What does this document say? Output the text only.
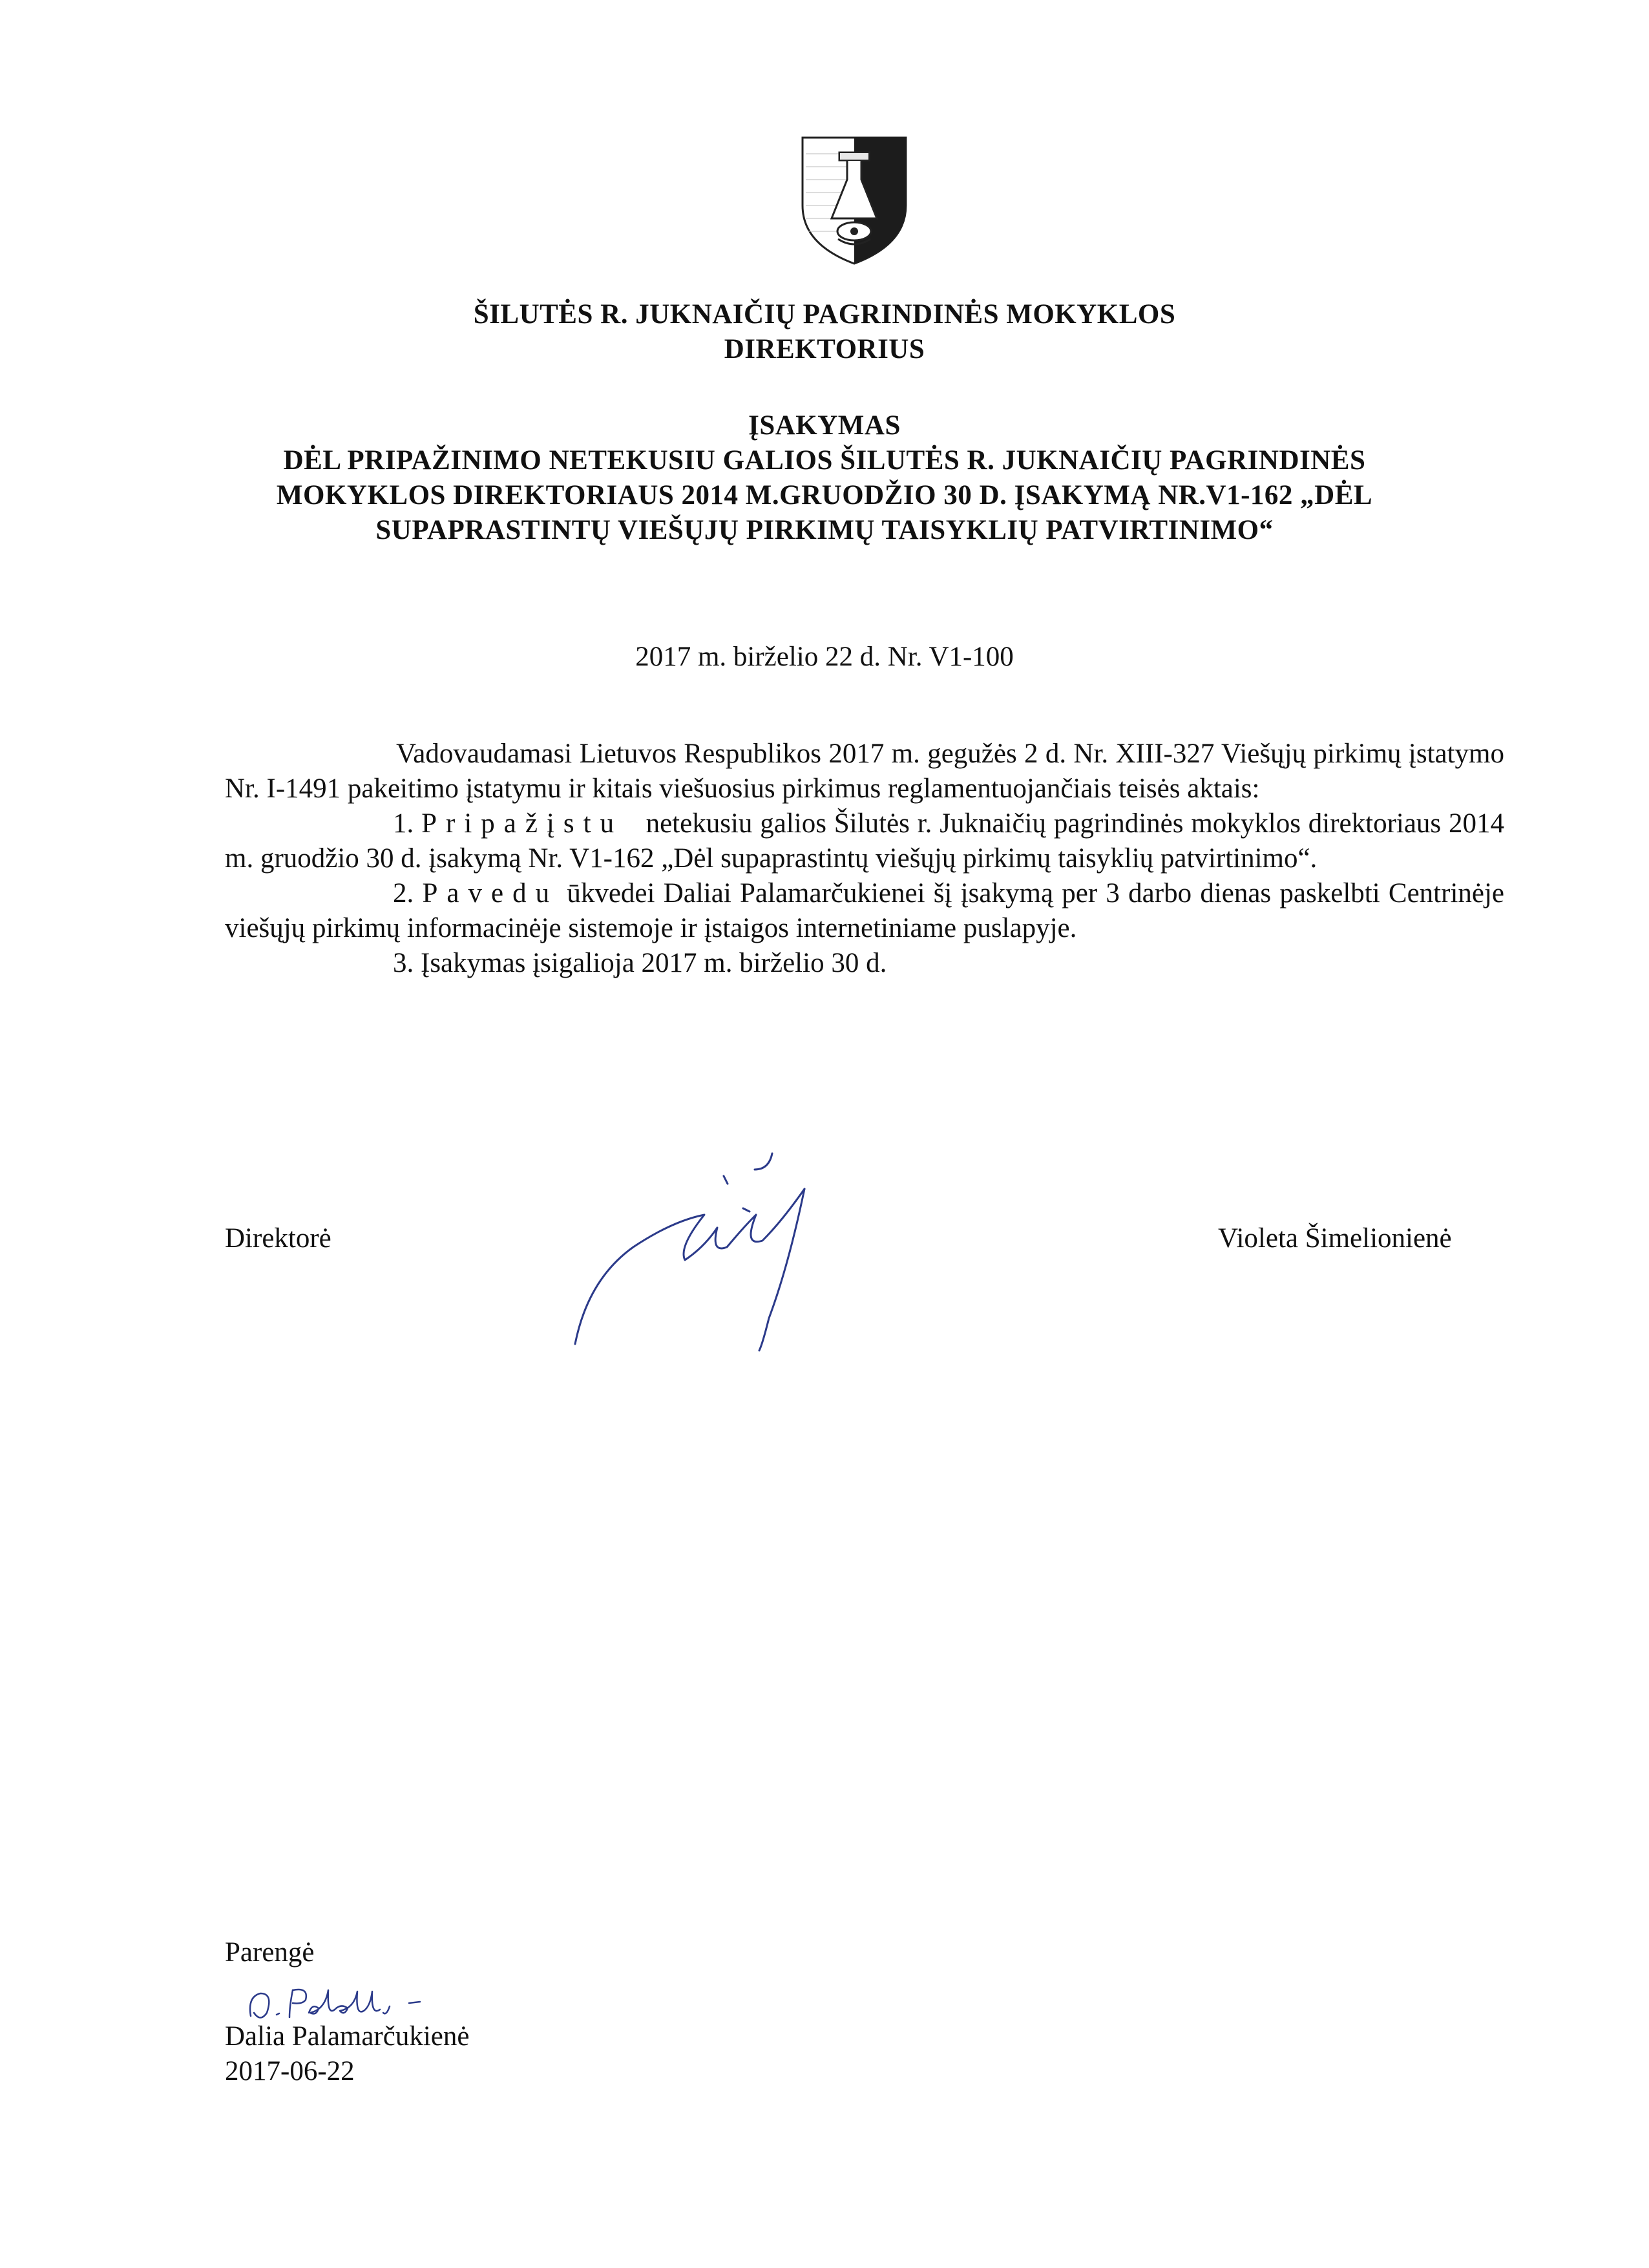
ŠILUTĖS R. JUKNAIČIŲ PAGRINDINĖS MOKYKLOS
DIREKTORIUS
ĮSAKYMAS
DĖL PRIPAŽINIMO NETEKUSIU GALIOS ŠILUTĖS R. JUKNAIČIŲ PAGRINDINĖS
MOKYKLOS DIREKTORIAUS 2014 M.GRUODŽIO 30 D. ĮSAKYMĄ NR.V1-162 „DĖL
SUPAPRASTINTŲ VIEŠŲJŲ PIRKIMŲ TAISYKLIŲ PATVIRTINIMO“
2017 m. birželio 22 d. Nr. V1-100

Vadovaudamasi Lietuvos Respublikos 2017 m. gegužės 2 d. Nr. XIII-327 Viešųjų pirkimų įstatymo Nr. I-1491 pakeitimo įstatymu ir kitais viešuosius pirkimus reglamentuojančiais teisės aktais:

1. Pripažįstu netekusiu galios Šilutės r. Juknaičių pagrindinės mokyklos direktoriaus 2014 m. gruodžio 30 d. įsakymą Nr. V1-162 „Dėl supaprastintų viešųjų pirkimų taisyklių patvirtinimo“.

2. Pavedu ūkvedei Daliai Palamarčukienei šį įsakymą per 3 darbo dienas paskelbti Centrinėje viešųjų pirkimų informacinėje sistemoje ir įstaigos internetiniame puslapyje.

3. Įsakymas įsigalioja 2017 m. birželio 30 d.

Direktorė	Violeta Šimelionienė
Parengė
Dalia Palamarčukienė
2017-06-22
